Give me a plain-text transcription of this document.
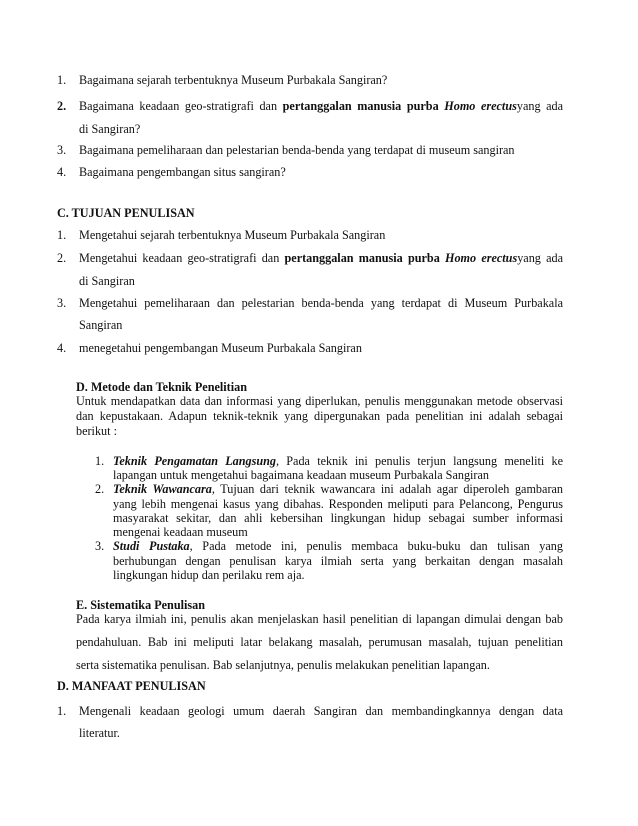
1. Bagaimana sejarah terbentuknya Museum Purbakala Sangiran?
2. Bagaimana keadaan geo-stratigrafi dan pertanggalan manusia purba Homo erectusyang ada
di Sangiran?
3. Bagaimana pemeliharaan dan pelestarian benda-benda yang terdapat di museum sangiran
4. Bagaimana pengembangan situs sangiran?
C. TUJUAN PENULISAN
1. Mengetahui sejarah terbentuknya Museum Purbakala Sangiran
2. Mengetahui keadaan geo-stratigrafi dan pertanggalan manusia purba Homo erectusyang ada
di Sangiran
3. Mengetahui pemeliharaan dan pelestarian benda-benda yang terdapat di Museum Purbakala
Sangiran
4. menegetahui pengembangan Museum Purbakala Sangiran
D. Metode dan Teknik Penelitian
Untuk mendapatkan data dan informasi yang diperlukan, penulis menggunakan metode observasi
dan kepustakaan. Adapun teknik-teknik yang dipergunakan pada penelitian ini adalah sebagai
berikut :
1. Teknik Pengamatan Langsung, Pada teknik ini penulis terjun langsung meneliti ke
lapangan untuk mengetahui bagaimana keadaan museum Purbakala Sangiran
2. Teknik Wawancara, Tujuan dari teknik wawancara ini adalah agar diperoleh gambaran
yang lebih mengenai kasus yang dibahas. Responden meliputi para Pelancong, Pengurus
masyarakat sekitar, dan ahli kebersihan lingkungan hidup sebagai sumber informasi
mengenai keadaan museum
3. Studi Pustaka, Pada metode ini, penulis membaca buku-buku dan tulisan yang
berhubungan dengan penulisan karya ilmiah serta yang berkaitan dengan masalah
lingkungan hidup dan perilaku rem aja.
E. Sistematika Penulisan
Pada karya ilmiah ini, penulis akan menjelaskan hasil penelitian di lapangan dimulai dengan bab
pendahuluan. Bab ini meliputi latar belakang masalah, perumusan masalah, tujuan penelitian
serta sistematika penulisan. Bab selanjutnya, penulis melakukan penelitian lapangan.
D. MANFAAT PENULISAN
1. Mengenali keadaan geologi umum daerah Sangiran dan membandingkannya dengan data
literatur.
